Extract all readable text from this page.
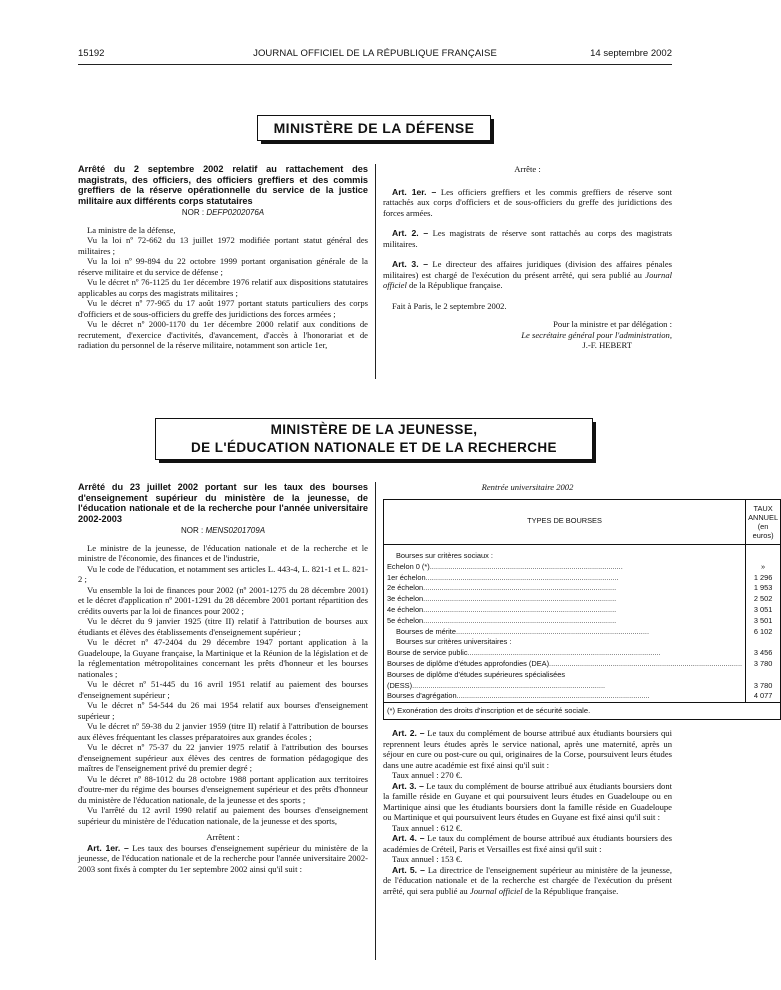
15192	JOURNAL OFFICIEL DE LA RÉPUBLIQUE FRANÇAISE	14 septembre 2002
MINISTÈRE DE LA DÉFENSE

Arrêté du 2 septembre 2002 relatif au rattachement des magistrats, des officiers, des officiers greffiers et des commis greffiers de la réserve opérationnelle du service de la justice militaire aux différents corps statutaires

NOR : DEFP0202076A

La ministre de la défense,

Vu la loi nº 72-662 du 13 juillet 1972 modifiée portant statut général des militaires ;

Vu la loi nº 99-894 du 22 octobre 1999 portant organisation générale de la réserve militaire et du service de défense ;

Vu le décret nº 76-1125 du 1er décembre 1976 relatif aux dispositions statutaires applicables au corps des magistrats militaires ;

Vu le décret nº 77-965 du 17 août 1977 portant statuts particuliers des corps d'officiers et de sous-officiers du greffe des juridictions des forces armées ;

Vu le décret nº 2000-1170 du 1er décembre 2000 relatif aux conditions de recrutement, d'exercice d'activités, d'avancement, d'accès à l'honorariat et de radiation du personnel de la réserve militaire, notamment son article 1er,

Arrête :

Art. 1er. – Les officiers greffiers et les commis greffiers de réserve sont rattachés aux corps d'officiers et de sous-officiers du greffe des juridictions des forces armées.

Art. 2. – Les magistrats de réserve sont rattachés au corps des magistrats militaires.

Art. 3. – Le directeur des affaires juridiques (division des affaires pénales militaires) est chargé de l'exécution du présent arrêté, qui sera publié au Journal officiel de la République française.

Fait à Paris, le 2 septembre 2002.

Pour la ministre et par délégation :

Le secrétaire général pour l'administration,

J.-F. HEBERT

MINISTÈRE DE LA JEUNESSE,
DE L'ÉDUCATION NATIONALE ET DE LA RECHERCHE

Arrêté du 23 juillet 2002 portant sur les taux des bourses d'enseignement supérieur du ministère de la jeunesse, de l'éducation nationale et de la recherche pour l'année universitaire 2002-2003

NOR : MENS0201709A

Le ministre de la jeunesse, de l'éducation nationale et de la recherche et le ministre de l'économie, des finances et de l'industrie,

Vu le code de l'éducation, et notamment ses articles L. 443-4, L. 821-1 et L. 821-2 ;

Vu ensemble la loi de finances pour 2002 (nº 2001-1275 du 28 décembre 2001) et le décret d'application nº 2001-1291 du 28 décembre 2001 portant répartition des crédits ouverts par la loi de finances pour 2002 ;

Vu le décret du 9 janvier 1925 (titre II) relatif à l'attribution de bourses aux étudiants et élèves des établissements d'enseignement supérieur ;

Vu le décret nº 47-2404 du 29 décembre 1947 portant application à la Guadeloupe, la Guyane française, la Martinique et la Réunion de la législation et de la réglementation métropolitaines concernant les prêts d'honneur et les bourses nationales ;

Vu le décret nº 51-445 du 16 avril 1951 relatif au paiement des bourses d'enseignement supérieur ;

Vu le décret nº 54-544 du 26 mai 1954 relatif aux bourses d'enseignement supérieur ;

Vu le décret nº 59-38 du 2 janvier 1959 (titre II) relatif à l'attribution de bourses aux élèves fréquentant les classes préparatoires aux grandes écoles ;

Vu le décret nº 75-37 du 22 janvier 1975 relatif à l'attribution des bourses d'enseignement supérieur aux élèves des centres de formation pédagogique des maîtres de l'enseignement privé du premier degré ;

Vu le décret nº 88-1012 du 28 octobre 1988 portant application aux territoires d'outre-mer du régime des bourses d'enseignement supérieur et des prêts d'honneur du ministère de l'éducation nationale, de la jeunesse et des sports ;

Vu l'arrêté du 12 avril 1990 relatif au paiement des bourses d'enseignement supérieur du ministère de l'éducation nationale, de la jeunesse et des sports,

Arrêtent :

Art. 1er. – Les taux des bourses d'enseignement supérieur du ministère de la jeunesse, de l'éducation nationale et de la recherche pour l'année universitaire 2002-2003 sont fixés à compter du 1er septembre 2002 ainsi qu'il suit :

Rentrée universitaire 2002

TYPES DE BOURSES	TAUX ANNUEL
(en euros)

Bourses sur critères sociaux :	
Echelon 0 (*)..............................................................................................	»
1er échelon..............................................................................................	1 296
2e échelon..............................................................................................	1 953
3e échelon..............................................................................................	2 502
4e échelon..............................................................................................	3 051
5e échelon..............................................................................................	3 501
Bourses de mérite..............................................................................................	6 102
Bourses sur critères universitaires :	
Bourse de service public..............................................................................................	3 456
Bourses de diplôme d'études approfondies (DEA)..............................................................................................	3 780
Bourses de diplôme d'études supérieures spécialisées	
(DESS)..............................................................................................	3 780
Bourses d'agrégation..............................................................................................	4 077
(*) Exonération des droits d'inscription et de sécurité sociale.	

Art. 2. – Le taux du complément de bourse attribué aux étudiants boursiers qui reprennent leurs études après le service national, après une maternité, après un séjour en cure ou post-cure ou qui, originaires de la Corse, poursuivent leurs études dans une autre académie est fixé ainsi qu'il suit :

Taux annuel : 270 €.

Art. 3. – Le taux du complément de bourse attribué aux étudiants boursiers dont la famille réside en Guyane et qui poursuivent leurs études en Guadeloupe ou en Martinique ainsi que les étudiants boursiers dont la famille réside en Guadeloupe ou Martinique et qui poursuivent leurs études en Guyane est fixé ainsi qu'il suit :

Taux annuel : 612 €.

Art. 4. – Le taux du complément de bourse attribué aux étudiants boursiers des académies de Créteil, Paris et Versailles est fixé ainsi qu'il suit :

Taux annuel : 153 €.

Art. 5. – La directrice de l'enseignement supérieur au ministère de la jeunesse, de l'éducation nationale et de la recherche est chargée de l'exécution du présent arrêté, qui sera publié au Journal officiel de la République française.
